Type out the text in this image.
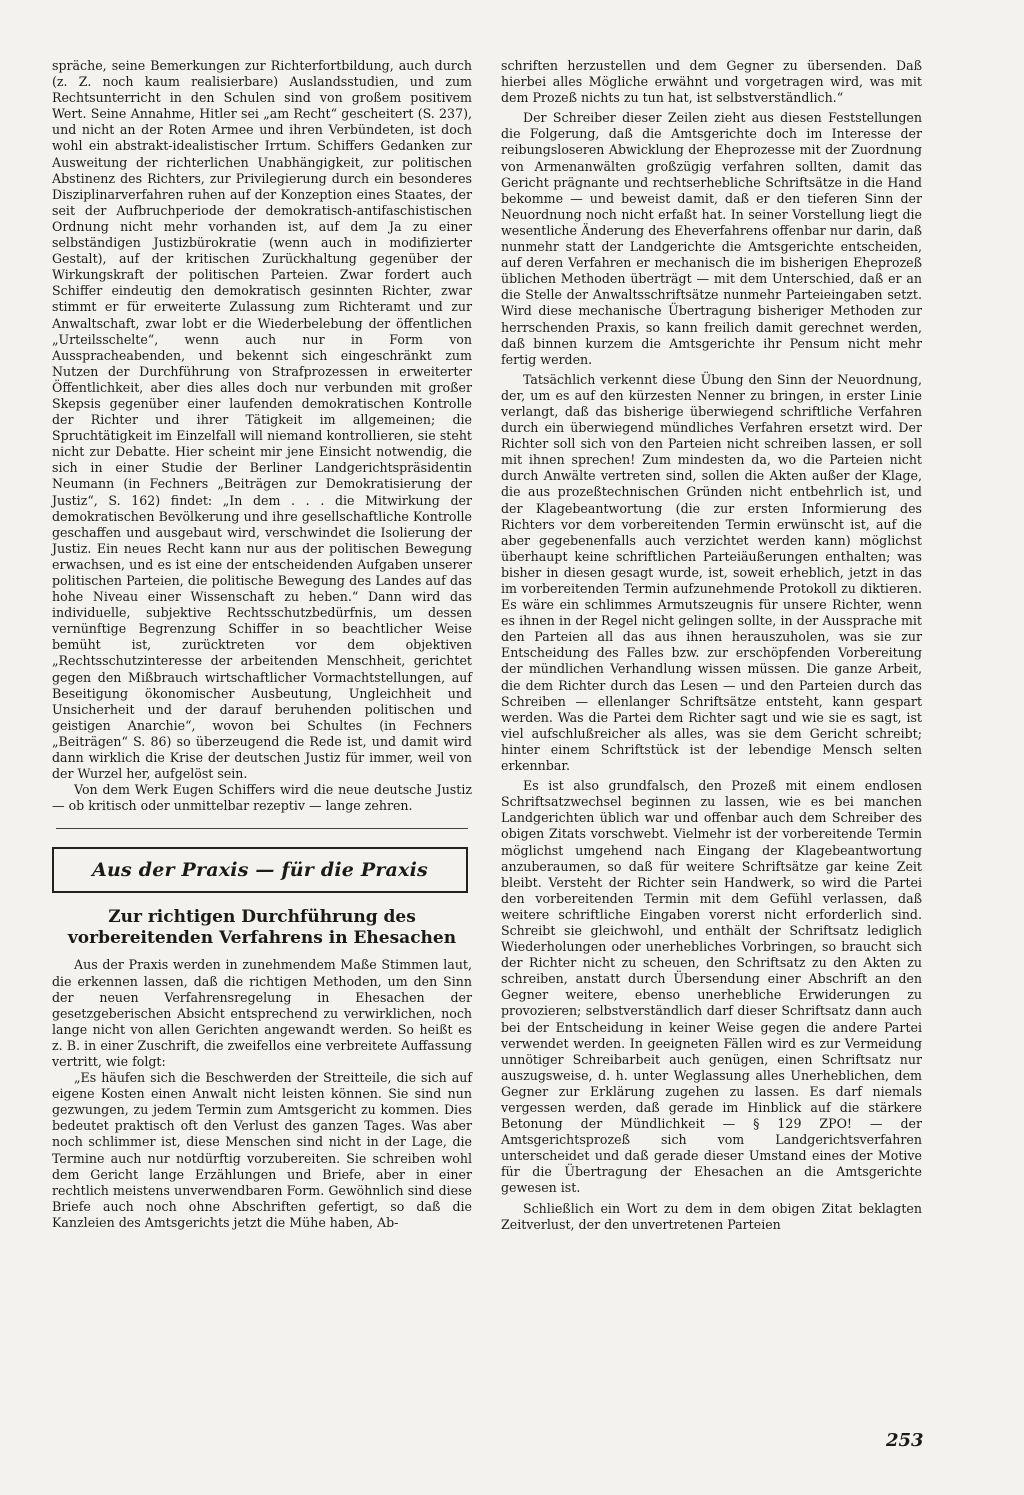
spräche, seine Bemerkungen zur Richterfortbildung, auch durch (z. Z. noch kaum realisierbare) Auslandsstudien, und zum Rechtsunterricht in den Schulen sind von großem positivem Wert. Seine Annahme, Hitler sei „am Recht“ gescheitert (S. 237), und nicht an der Roten Armee und ihren Verbündeten, ist doch wohl ein abstrakt-idealistischer Irrtum. Schiffers Gedanken zur Ausweitung der richterlichen Unabhängigkeit, zur politischen Abstinenz des Richters, zur Privilegierung durch ein besonderes Disziplinarverfahren ruhen auf der Konzeption eines Staates, der seit der Aufbruchperiode der demokratisch-antifaschistischen Ordnung nicht mehr vorhanden ist, auf dem Ja zu einer selbständigen Justizbürokratie (wenn auch in modifizierter Gestalt), auf der kritischen Zurückhaltung gegenüber der Wirkungskraft der politischen Parteien. Zwar fordert auch Schiffer eindeutig den demokratisch gesinnten Richter, zwar stimmt er für erweiterte Zulassung zum Richteramt und zur Anwaltschaft, zwar lobt er die Wiederbelebung der öffentlichen „Urteilsschelte“, wenn auch nur in Form von Ausspracheabenden, und bekennt sich eingeschränkt zum Nutzen der Durchführung von Strafprozessen in erweiterter Öffentlichkeit, aber dies alles doch nur verbunden mit großer Skepsis gegenüber einer laufenden demokratischen Kontrolle der Richter und ihrer Tätigkeit im allgemeinen; die Spruchtätigkeit im Einzelfall will niemand kontrollieren, sie steht nicht zur Debatte. Hier scheint mir jene Einsicht notwendig, die sich in einer Studie der Berliner Landgerichtspräsidentin Neumann (in Fechners „Beiträgen zur Demokratisierung der Justiz“, S. 162) findet: „In dem . . . die Mitwirkung der demokratischen Bevölkerung und ihre gesellschaftliche Kontrolle geschaffen und ausgebaut wird, verschwindet die Isolierung der Justiz. Ein neues Recht kann nur aus der politischen Bewegung erwachsen, und es ist eine der entscheidenden Aufgaben unserer politischen Parteien, die politische Bewegung des Landes auf das hohe Niveau einer Wissenschaft zu heben.“ Dann wird das individuelle, subjektive Rechtsschutzbedürfnis, um dessen vernünftige Begrenzung Schiffer in so beachtlicher Weise bemüht ist, zurücktreten vor dem objektiven „Rechtsschutzinteresse der arbeitenden Menschheit, gerichtet gegen den Mißbrauch wirtschaftlicher Vormachtstellungen, auf Beseitigung ökonomischer Ausbeutung, Ungleichheit und Unsicherheit und der darauf beruhenden politischen und geistigen Anarchie“, wovon bei Schultes (in Fechners „Beiträgen“ S. 86) so überzeugend die Rede ist, und damit wird dann wirklich die Krise der deutschen Justiz für immer, weil von der Wurzel her, aufgelöst sein.

Von dem Werk Eugen Schiffers wird die neue deutsche Justiz — ob kritisch oder unmittelbar rezeptiv — lange zehren.

Aus der Praxis — für die Praxis
Zur richtigen Durchführung des
vorbereitenden Verfahrens in Ehesachen

Aus der Praxis werden in zunehmendem Maße Stimmen laut, die erkennen lassen, daß die richtigen Methoden, um den Sinn der neuen Verfahrensregelung in Ehesachen der gesetzgeberischen Absicht entsprechend zu verwirklichen, noch lange nicht von allen Gerichten angewandt werden. So heißt es z. B. in einer Zuschrift, die zweifellos eine verbreitete Auffassung vertritt, wie folgt:

„Es häufen sich die Beschwerden der Streitteile, die sich auf eigene Kosten einen Anwalt nicht leisten können. Sie sind nun gezwungen, zu jedem Termin zum Amtsgericht zu kommen. Dies bedeutet praktisch oft den Verlust des ganzen Tages. Was aber noch schlimmer ist, diese Menschen sind nicht in der Lage, die Termine auch nur notdürftig vorzubereiten. Sie schreiben wohl dem Gericht lange Erzählungen und Briefe, aber in einer rechtlich meistens unverwendbaren Form. Gewöhnlich sind diese Briefe auch noch ohne Abschriften gefertigt, so daß die Kanzleien des Amtsgerichts jetzt die Mühe haben, Ab-

schriften herzustellen und dem Gegner zu übersenden. Daß hierbei alles Mögliche erwähnt und vorgetragen wird, was mit dem Prozeß nichts zu tun hat, ist selbstverständlich.“

Der Schreiber dieser Zeilen zieht aus diesen Feststellungen die Folgerung, daß die Amtsgerichte doch im Interesse der reibungsloseren Abwicklung der Eheprozesse mit der Zuordnung von Armenanwälten großzügig verfahren sollten, damit das Gericht prägnante und rechtserhebliche Schriftsätze in die Hand bekomme — und beweist damit, daß er den tieferen Sinn der Neuordnung noch nicht erfaßt hat. In seiner Vorstellung liegt die wesentliche Änderung des Eheverfahrens offenbar nur darin, daß nunmehr statt der Landgerichte die Amtsgerichte entscheiden, auf deren Verfahren er mechanisch die im bisherigen Eheprozeß üblichen Methoden überträgt — mit dem Unterschied, daß er an die Stelle der Anwaltsschriftsätze nunmehr Parteieingaben setzt. Wird diese mechanische Übertragung bisheriger Methoden zur herrschenden Praxis, so kann freilich damit gerechnet werden, daß binnen kurzem die Amtsgerichte ihr Pensum nicht mehr fertig werden.

Tatsächlich verkennt diese Übung den Sinn der Neuordnung, der, um es auf den kürzesten Nenner zu bringen, in erster Linie verlangt, daß das bisherige überwiegend schriftliche Verfahren durch ein überwiegend mündliches Verfahren ersetzt wird. Der Richter soll sich von den Parteien nicht schreiben lassen, er soll mit ihnen sprechen! Zum mindesten da, wo die Parteien nicht durch Anwälte vertreten sind, sollen die Akten außer der Klage, die aus prozeßtechnischen Gründen nicht entbehrlich ist, und der Klagebeantwortung (die zur ersten Informierung des Richters vor dem vorbereitenden Termin erwünscht ist, auf die aber gegebenenfalls auch verzichtet werden kann) möglichst überhaupt keine schriftlichen Parteiäußerungen enthalten; was bisher in diesen gesagt wurde, ist, soweit erheblich, jetzt in das im vorbereitenden Termin aufzunehmende Protokoll zu diktieren. Es wäre ein schlimmes Armutszeugnis für unsere Richter, wenn es ihnen in der Regel nicht gelingen sollte, in der Aussprache mit den Parteien all das aus ihnen herauszuholen, was sie zur Entscheidung des Falles bzw. zur erschöpfenden Vorbereitung der mündlichen Verhandlung wissen müssen. Die ganze Arbeit, die dem Richter durch das Lesen — und den Parteien durch das Schreiben — ellenlanger Schriftsätze entsteht, kann gespart werden. Was die Partei dem Richter sagt und wie sie es sagt, ist viel aufschlußreicher als alles, was sie dem Gericht schreibt; hinter einem Schriftstück ist der lebendige Mensch selten erkennbar.

Es ist also grundfalsch, den Prozeß mit einem endlosen Schriftsatzwechsel beginnen zu lassen, wie es bei manchen Landgerichten üblich war und offenbar auch dem Schreiber des obigen Zitats vorschwebt. Vielmehr ist der vorbereitende Termin möglichst umgehend nach Eingang der Klagebeantwortung anzuberaumen, so daß für weitere Schriftsätze gar keine Zeit bleibt. Versteht der Richter sein Handwerk, so wird die Partei den vorbereitenden Termin mit dem Gefühl verlassen, daß weitere schriftliche Eingaben vorerst nicht erforderlich sind. Schreibt sie gleichwohl, und enthält der Schriftsatz lediglich Wiederholungen oder unerhebliches Vorbringen, so braucht sich der Richter nicht zu scheuen, den Schriftsatz zu den Akten zu schreiben, anstatt durch Übersendung einer Abschrift an den Gegner weitere, ebenso unerhebliche Erwiderungen zu provozieren; selbstverständlich darf dieser Schriftsatz dann auch bei der Entscheidung in keiner Weise gegen die andere Partei verwendet werden. In geeigneten Fällen wird es zur Vermeidung unnötiger Schreibarbeit auch genügen, einen Schriftsatz nur auszugsweise, d. h. unter Weglassung alles Unerheblichen, dem Gegner zur Erklärung zugehen zu lassen. Es darf niemals vergessen werden, daß gerade im Hinblick auf die stärkere Betonung der Mündlichkeit — § 129 ZPO! — der Amtsgerichtsprozeß sich vom Landgerichtsverfahren unterscheidet und daß gerade dieser Umstand eines der Motive für die Übertragung der Ehesachen an die Amtsgerichte gewesen ist.

Schließlich ein Wort zu dem in dem obigen Zitat beklagten Zeitverlust, der den unvertretenen Parteien

253
